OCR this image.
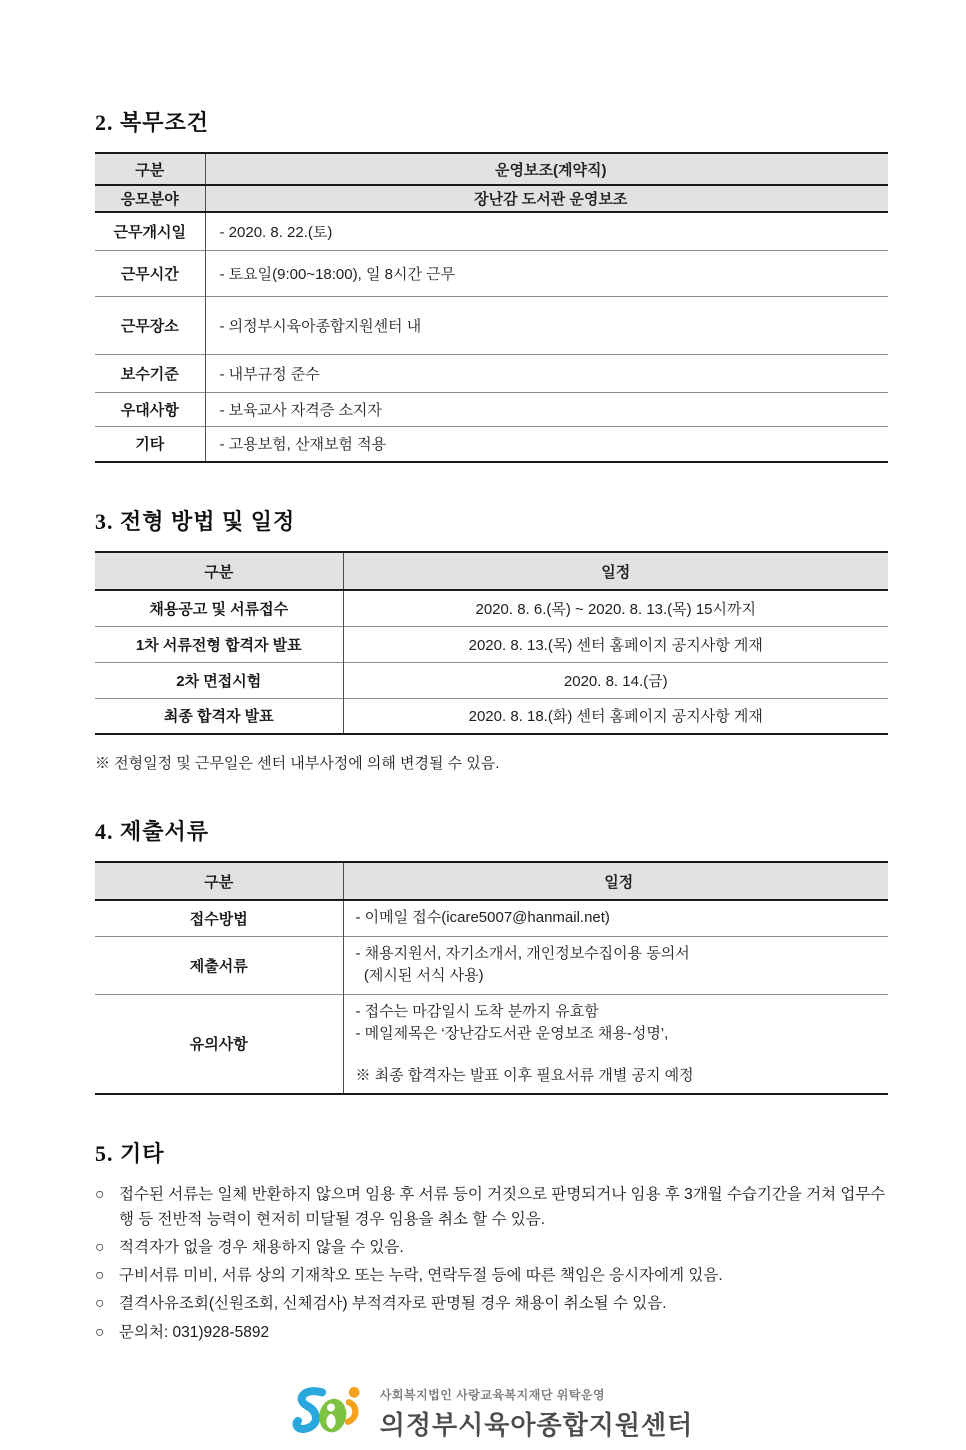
2. 복무조건
구분	운영보조(계약직)
응모분야	장난감 도서관 운영보조
근무개시일	- 2020. 8. 22.(토)
근무시간	- 토요일(9:00~18:00), 일 8시간 근무
근무장소	- 의정부시육아종합지원센터 내
보수기준	- 내부규정 준수
우대사항	- 보육교사 자격증 소지자
기타	- 고용보험, 산재보험 적용
3. 전형 방법 및 일정
구분	일정
채용공고 및 서류접수	2020. 8. 6.(목) ~ 2020. 8. 13.(목) 15시까지
1차 서류전형 합격자 발표	2020. 8. 13.(목) 센터 홈페이지 공지사항 게재
2차 면접시험	2020. 8. 14.(금)
최종 합격자 발표	2020. 8. 18.(화) 센터 홈페이지 공지사항 게재
※ 전형일정 및 근무일은 센터 내부사정에 의해 변경될 수 있음.
4. 제출서류
구분	일정
접수방법	- 이메일 접수(icare5007@hanmail.net)

제출서류	- 채용지원서, 자기소개서, 개인정보수집이용 동의서
(제시된 서식 사용)

유의사항	- 접수는 마감일시 도착 분까지 유효함
- 메일제목은 ‘장난감도서관 운영보조 채용-성명’,
※ 최종 합격자는 발표 이후 필요서류 개별 공지 예정
5. 기타
○ 접수된 서류는 일체 반환하지 않으며 임용 후 서류 등이 거짓으로 판명되거나 임용 후 3개월 수습기간을 거쳐 업무수행 등 전반적 능력이 현저히 미달될 경우 임용을 취소 할 수 있음.
○ 적격자가 없을 경우 채용하지 않을 수 있음.
○ 구비서류 미비, 서류 상의 기재착오 또는 누락, 연락두절 등에 따른 책임은 응시자에게 있음.
○ 결격사유조회(신원조회, 신체검사) 부적격자로 판명될 경우 채용이 취소될 수 있음.
○ 문의처: 031)928-5892
사회복지법인 사랑교육복지재단 위탁운영
의정부시육아종합지원센터
